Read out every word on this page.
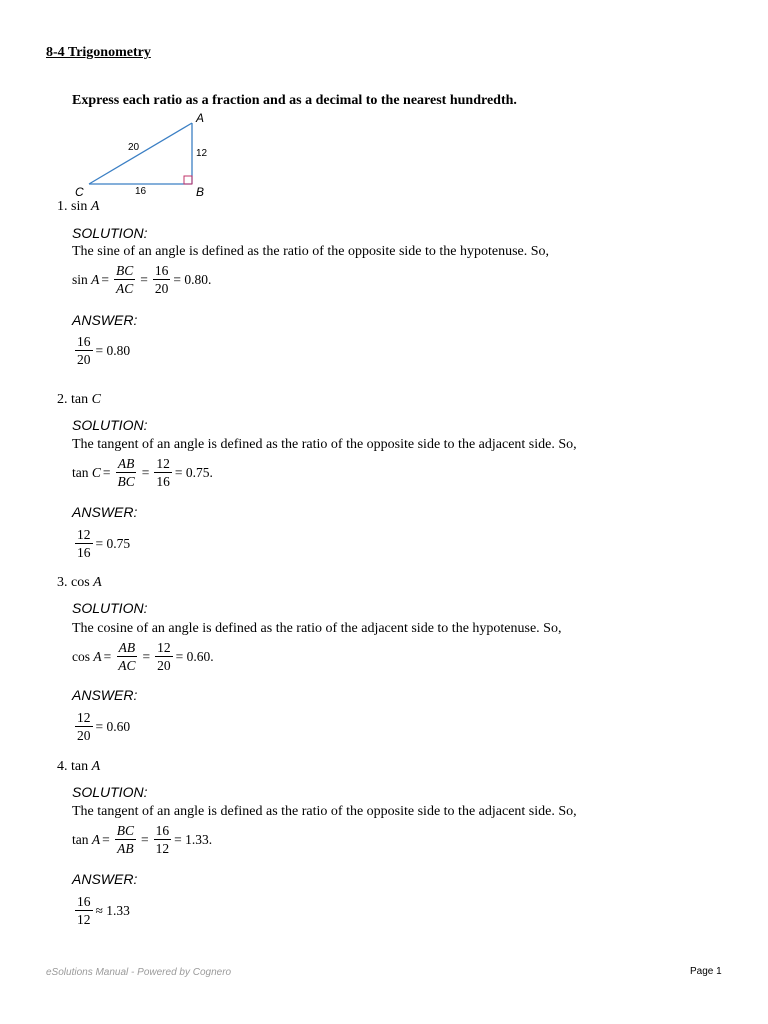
8-4 Trigonometry
Express each ratio as a fraction and as a decimal to the nearest hundredth.
A
B
C
20
12
16
1. sin A
SOLUTION:
The sine of an angle is defined as the ratio of the opposite side to the hypotenuse. So,
sin
$A = \frac{BC}{AC} = \frac{16}{20} = 0.80$.
ANSWER:
$\frac{16}{20} = 0.80$
2. tan C
SOLUTION:
The tangent of an angle is defined as the ratio of the opposite side to the adjacent side. So,
tan
$C = \frac{AB}{BC} = \frac{12}{16} = 0.75$.
ANSWER:
$\frac{12}{16} = 0.75$
3. cos A
SOLUTION:
The cosine of an angle is defined as the ratio of the adjacent side to the hypotenuse. So,
cos
$A = \frac{AB}{AC} = \frac{12}{20} = 0.60$.
ANSWER:
$\frac{12}{20} = 0.60$
4. tan A
SOLUTION:
The tangent of an angle is defined as the ratio of the opposite side to the adjacent side. So,
tan
$A = \frac{BC}{AB} = \frac{16}{12} = 1.33$.
ANSWER:
$\frac{16}{12} \approx 1.33$
eSolutions Manual - Powered by Cognero	Page 1
